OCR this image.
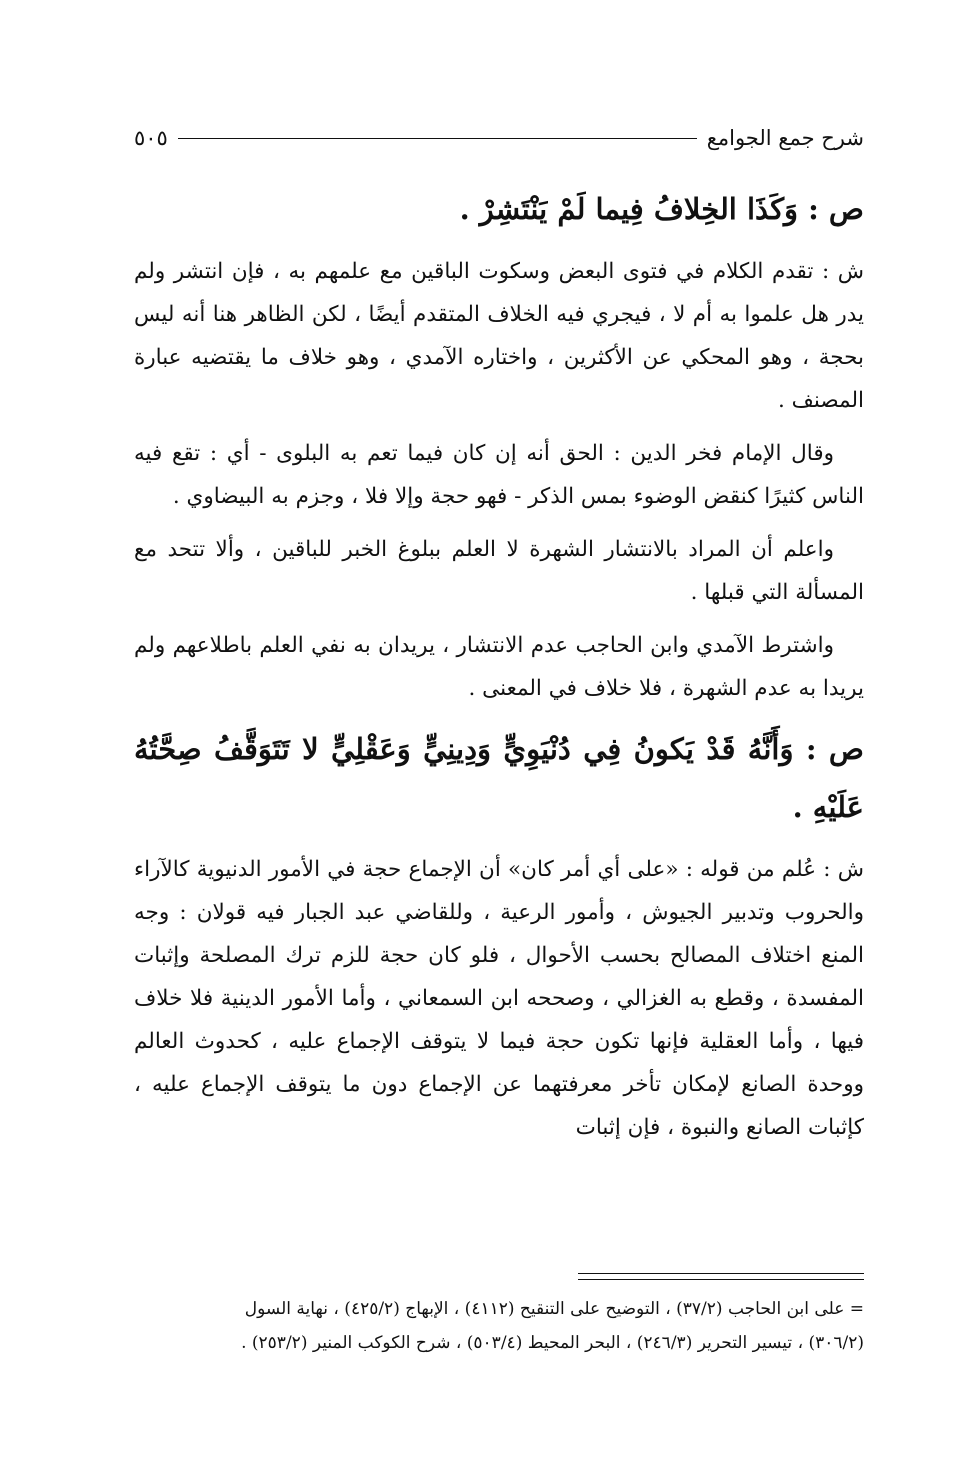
شرح جمع الجوامع
٥٠٥

ص : وَكَذَا الخِلافُ فِيما لَمْ يَنْتَشِرْ .

ش : تقدم الكلام في فتوى البعض وسكوت الباقين مع علمهم به ، فإن انتشر ولم يدر هل علموا به أم لا ، فيجري فيه الخلاف المتقدم أيضًا ، لكن الظاهر هنا أنه ليس بحجة ، وهو المحكي عن الأكثرين ، واختاره الآمدي ، وهو خلاف ما يقتضيه عبارة المصنف .

وقال الإمام فخر الدين : الحق أنه إن كان فيما تعم به البلوى - أي : تقع فيه الناس كثيرًا كنقض الوضوء بمس الذكر - فهو حجة وإلا فلا ، وجزم به البيضاوي .

واعلم أن المراد بالانتشار الشهرة لا العلم ببلوغ الخبر للباقين ، وألا تتحد مع المسألة التي قبلها .

واشترط الآمدي وابن الحاجب عدم الانتشار ، يريدان به نفي العلم باطلاعهم ولم يريدا به عدم الشهرة ، فلا خلاف في المعنى .

ص : وَأَنَّهُ قَدْ يَكونُ فِي دُنْيَوِيٍّ وَدِينِيٍّ وَعَقْلِيٍّ لا تَتَوَقَّفُ صِحَّتُهُ عَلَيْهِ .

ش : عُلم من قوله : «على أي أمر كان» أن الإجماع حجة في الأمور الدنيوية كالآراء والحروب وتدبير الجيوش ، وأمور الرعية ، وللقاضي عبد الجبار فيه قولان : وجه المنع اختلاف المصالح بحسب الأحوال ، فلو كان حجة للزم ترك المصلحة وإثبات المفسدة ، وقطع به الغزالي ، وصححه ابن السمعاني ، وأما الأمور الدينية فلا خلاف فيها ، وأما العقلية فإنها تكون حجة فيما لا يتوقف الإجماع عليه ، كحدوث العالم ووحدة الصانع لإمكان تأخر معرفتهما عن الإجماع دون ما يتوقف الإجماع عليه ، كإثبات الصانع والنبوة ، فإن إثبات

= على ابن الحاجب (٣٧/٢) ، التوضيح على التنقيح (٤١١٢) ، الإبهاج (٤٢٥/٢) ، نهاية السول

(٣٠٦/٢) ، تيسير التحرير (٢٤٦/٣) ، البحر المحيط (٥٠٣/٤) ، شرح الكوكب المنير (٢٥٣/٢) .
